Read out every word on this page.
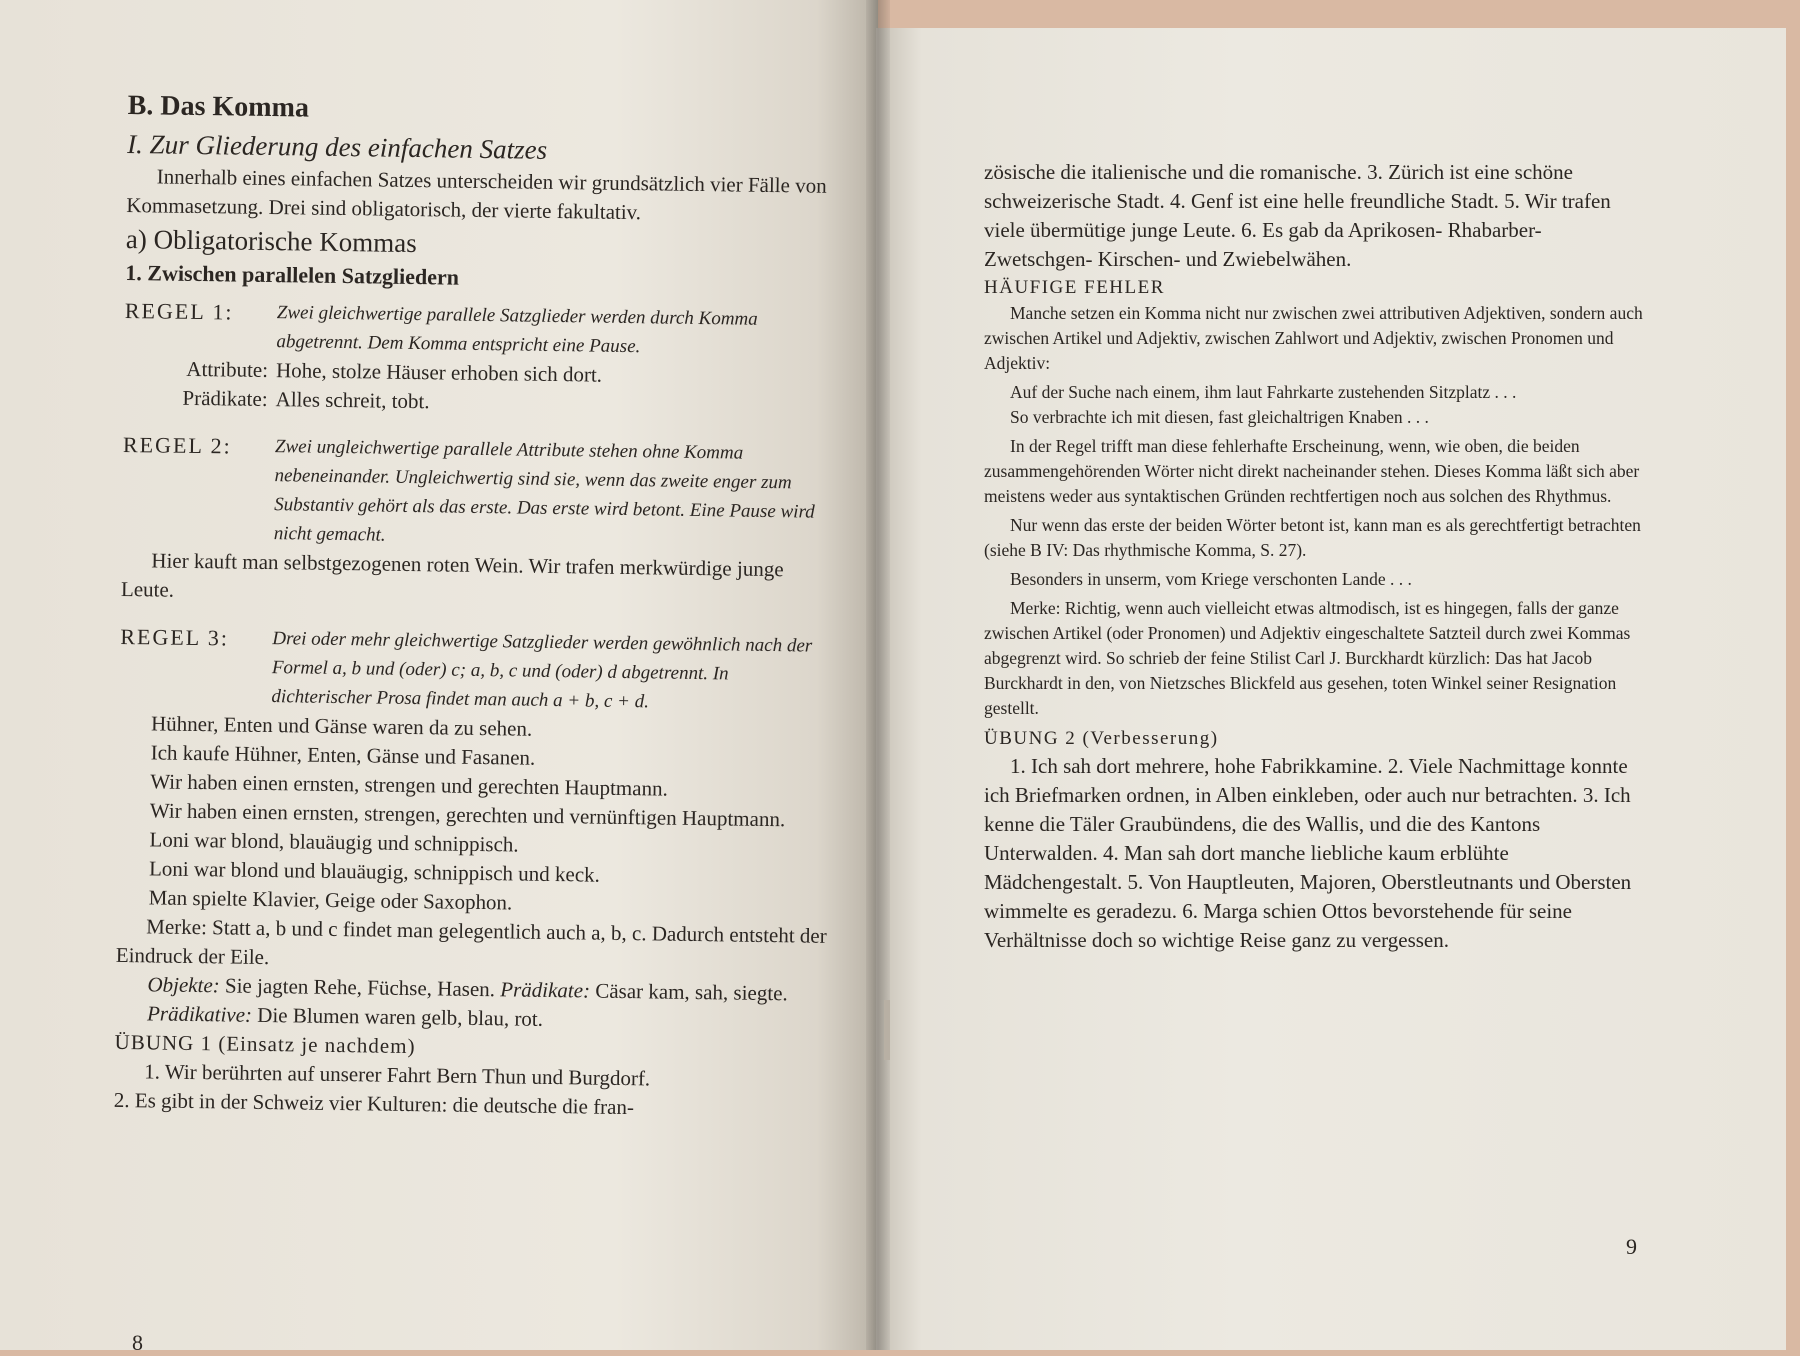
B. Das Komma

I. Zur Gliederung des einfachen Satzes

Innerhalb eines einfachen Satzes unterscheiden wir grundsätzlich vier Fälle von Kommasetzung. Drei sind obligatorisch, der vierte fakultativ.

a) Obligatorische Kommas

1. Zwischen parallelen Satzgliedern

REGEL 1:	Zwei gleichwertige parallele Satzglieder werden durch Komma abgetrennt. Dem Komma entspricht eine Pause.
Attribute: Hohe, stolze Häuser erhoben sich dort.
Prädikate: Alles schreit, tobt.
REGEL 2:	Zwei ungleichwertige parallele Attribute stehen ohne Komma nebeneinander. Ungleichwertig sind sie, wenn das zweite enger zum Substantiv gehört als das erste. Das erste wird betont. Eine Pause wird nicht gemacht.

Hier kauft man selbstgezogenen roten Wein. Wir trafen merkwürdige junge Leute.

REGEL 3:	Drei oder mehr gleichwertige Satzglieder werden gewöhnlich nach der Formel a, b und (oder) c; a, b, c und (oder) d abgetrennt. In dichterischer Prosa findet man auch a + b, c + d.

Hühner, Enten und Gänse waren da zu sehen.

Ich kaufe Hühner, Enten, Gänse und Fasanen.

Wir haben einen ernsten, strengen und gerechten Hauptmann.

Wir haben einen ernsten, strengen, gerechten und vernünftigen Hauptmann.

Loni war blond, blauäugig und schnippisch.

Loni war blond und blauäugig, schnippisch und keck.

Man spielte Klavier, Geige oder Saxophon.

Merke: Statt a, b und c findet man gelegentlich auch a, b, c. Dadurch entsteht der Eindruck der Eile.

Objekte: Sie jagten Rehe, Füchse, Hasen. Prädikate: Cäsar kam, sah, siegte.

Prädikative: Die Blumen waren gelb, blau, rot.

ÜBUNG 1 (Einsatz je nachdem)

1. Wir berührten auf unserer Fahrt Bern Thun und Burgdorf.

2. Es gibt in der Schweiz vier Kulturen: die deutsche die fran-

8

zösische die italienische und die romanische. 3. Zürich ist eine schöne schweizerische Stadt. 4. Genf ist eine helle freundliche Stadt. 5. Wir trafen viele übermütige junge Leute. 6. Es gab da Aprikosen- Rhabarber- Zwetschgen- Kirschen- und Zwiebelwähen.

HÄUFIGE FEHLER

Manche setzen ein Komma nicht nur zwischen zwei attributiven Adjektiven, sondern auch zwischen Artikel und Adjektiv, zwischen Zahlwort und Adjektiv, zwischen Pronomen und Adjektiv:

Auf der Suche nach einem, ihm laut Fahrkarte zustehenden Sitzplatz . . .

So verbrachte ich mit diesen, fast gleichaltrigen Knaben . . .

In der Regel trifft man diese fehlerhafte Erscheinung, wenn, wie oben, die beiden zusammengehörenden Wörter nicht direkt nacheinander stehen. Dieses Komma läßt sich aber meistens weder aus syntaktischen Gründen rechtfertigen noch aus solchen des Rhythmus.

Nur wenn das erste der beiden Wörter betont ist, kann man es als gerechtfertigt betrachten (siehe B IV: Das rhythmische Komma, S. 27).

Besonders in unserm, vom Kriege verschonten Lande . . .

Merke: Richtig, wenn auch vielleicht etwas altmodisch, ist es hingegen, falls der ganze zwischen Artikel (oder Pronomen) und Adjektiv eingeschaltete Satzteil durch zwei Kommas abgegrenzt wird. So schrieb der feine Stilist Carl J. Burckhardt kürzlich: Das hat Jacob Burckhardt in den, von Nietzsches Blickfeld aus gesehen, toten Winkel seiner Resignation gestellt.

ÜBUNG 2 (Verbesserung)

1. Ich sah dort mehrere, hohe Fabrikkamine. 2. Viele Nachmittage konnte ich Briefmarken ordnen, in Alben einkleben, oder auch nur betrachten. 3. Ich kenne die Täler Graubündens, die des Wallis, und die des Kantons Unterwalden. 4. Man sah dort manche liebliche kaum erblühte Mädchengestalt. 5. Von Hauptleuten, Majoren, Oberstleutnants und Obersten wimmelte es geradezu. 6. Marga schien Ottos bevorstehende für seine Verhältnisse doch so wichtige Reise ganz zu vergessen.

9
